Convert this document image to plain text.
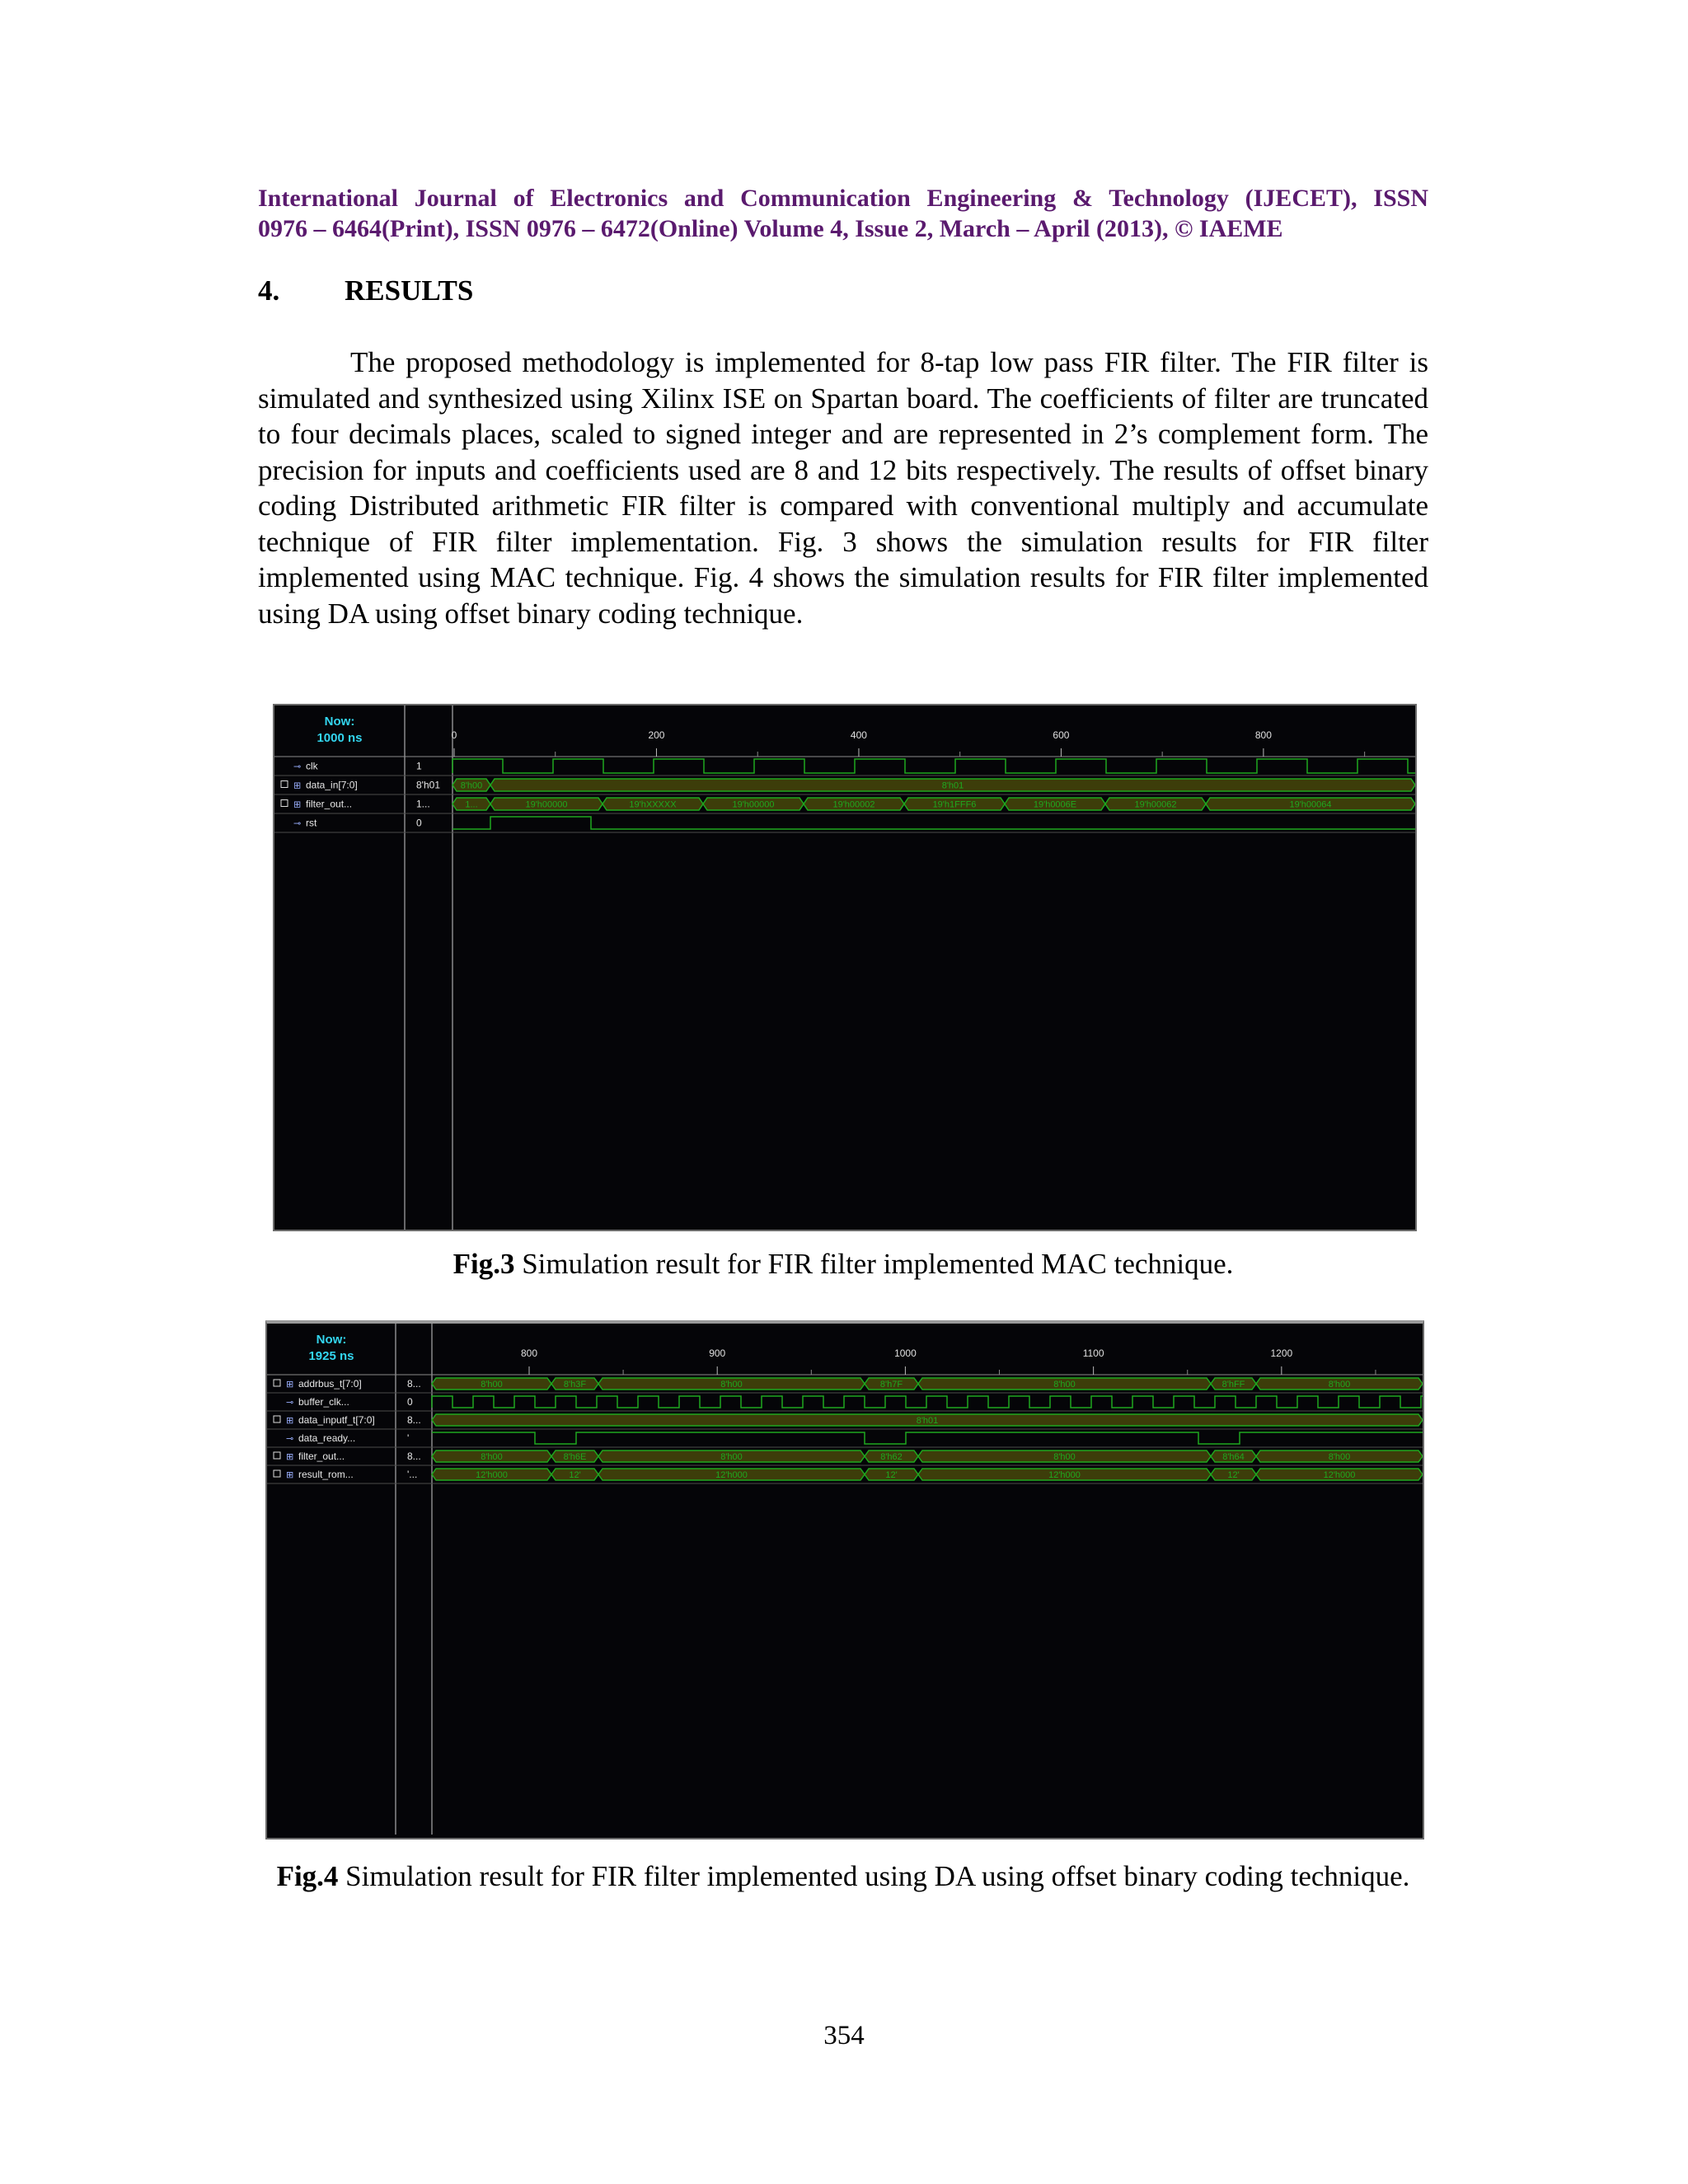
International Journal of Electronics and Communication Engineering & Technology (IJECET), ISSN
0976 – 6464(Print), ISSN 0976 – 6472(Online) Volume 4, Issue 2, March – April (2013), © IAEME
4. RESULTS

The proposed methodology is implemented for 8-tap low pass FIR filter. The FIR filter is simulated and synthesized using Xilinx ISE on Spartan board. The coefficients of filter are truncated to four decimals places, scaled to signed integer and are represented in 2’s complement form. The precision for inputs and coefficients used are 8 and 12 bits respectively. The results of offset binary coding Distributed arithmetic FIR filter is compared with conventional multiply and accumulate technique of FIR filter implementation. Fig. 3 shows the simulation results for FIR filter implemented using MAC technique. Fig. 4 shows the simulation results for FIR filter implemented using DA using offset binary coding technique.

Now:
1000 ns
⊸ clk	1
⊞ data_in[7:0]	8'h01
⊞ filter_out...	1...
⊸ rst	0
0	200	400	600	800
8'h00	8'h01
1...	19'h00000	19'hXXXXX	19'h00000	19'h00002	19'h1FFF6	19'h0006E	19'h00062	19'h00064
Fig.3 Simulation result for FIR filter implemented MAC technique.
Now:
1925 ns
⊞ addrbus_t[7:0]	8...
⊸ buffer_clk...	0
⊞ data_inputf_t[7:0]	8...
⊸ data_ready...	'
⊞ filter_out...	8...
⊞ result_rom...	'...
800	900	1000	1100	1200
8'h00	8'h3F	8'h00	8'h7F	8'h00	8'hFF	8'h00
8'h01
8'h00	8'h6E	8'h00	8'h62	8'h00	8'h64	8'h00
12'h000	12'	12'h000	12'	12'h000	12'	12'h000
Fig.4 Simulation result for FIR filter implemented using DA using offset binary coding technique.
354
